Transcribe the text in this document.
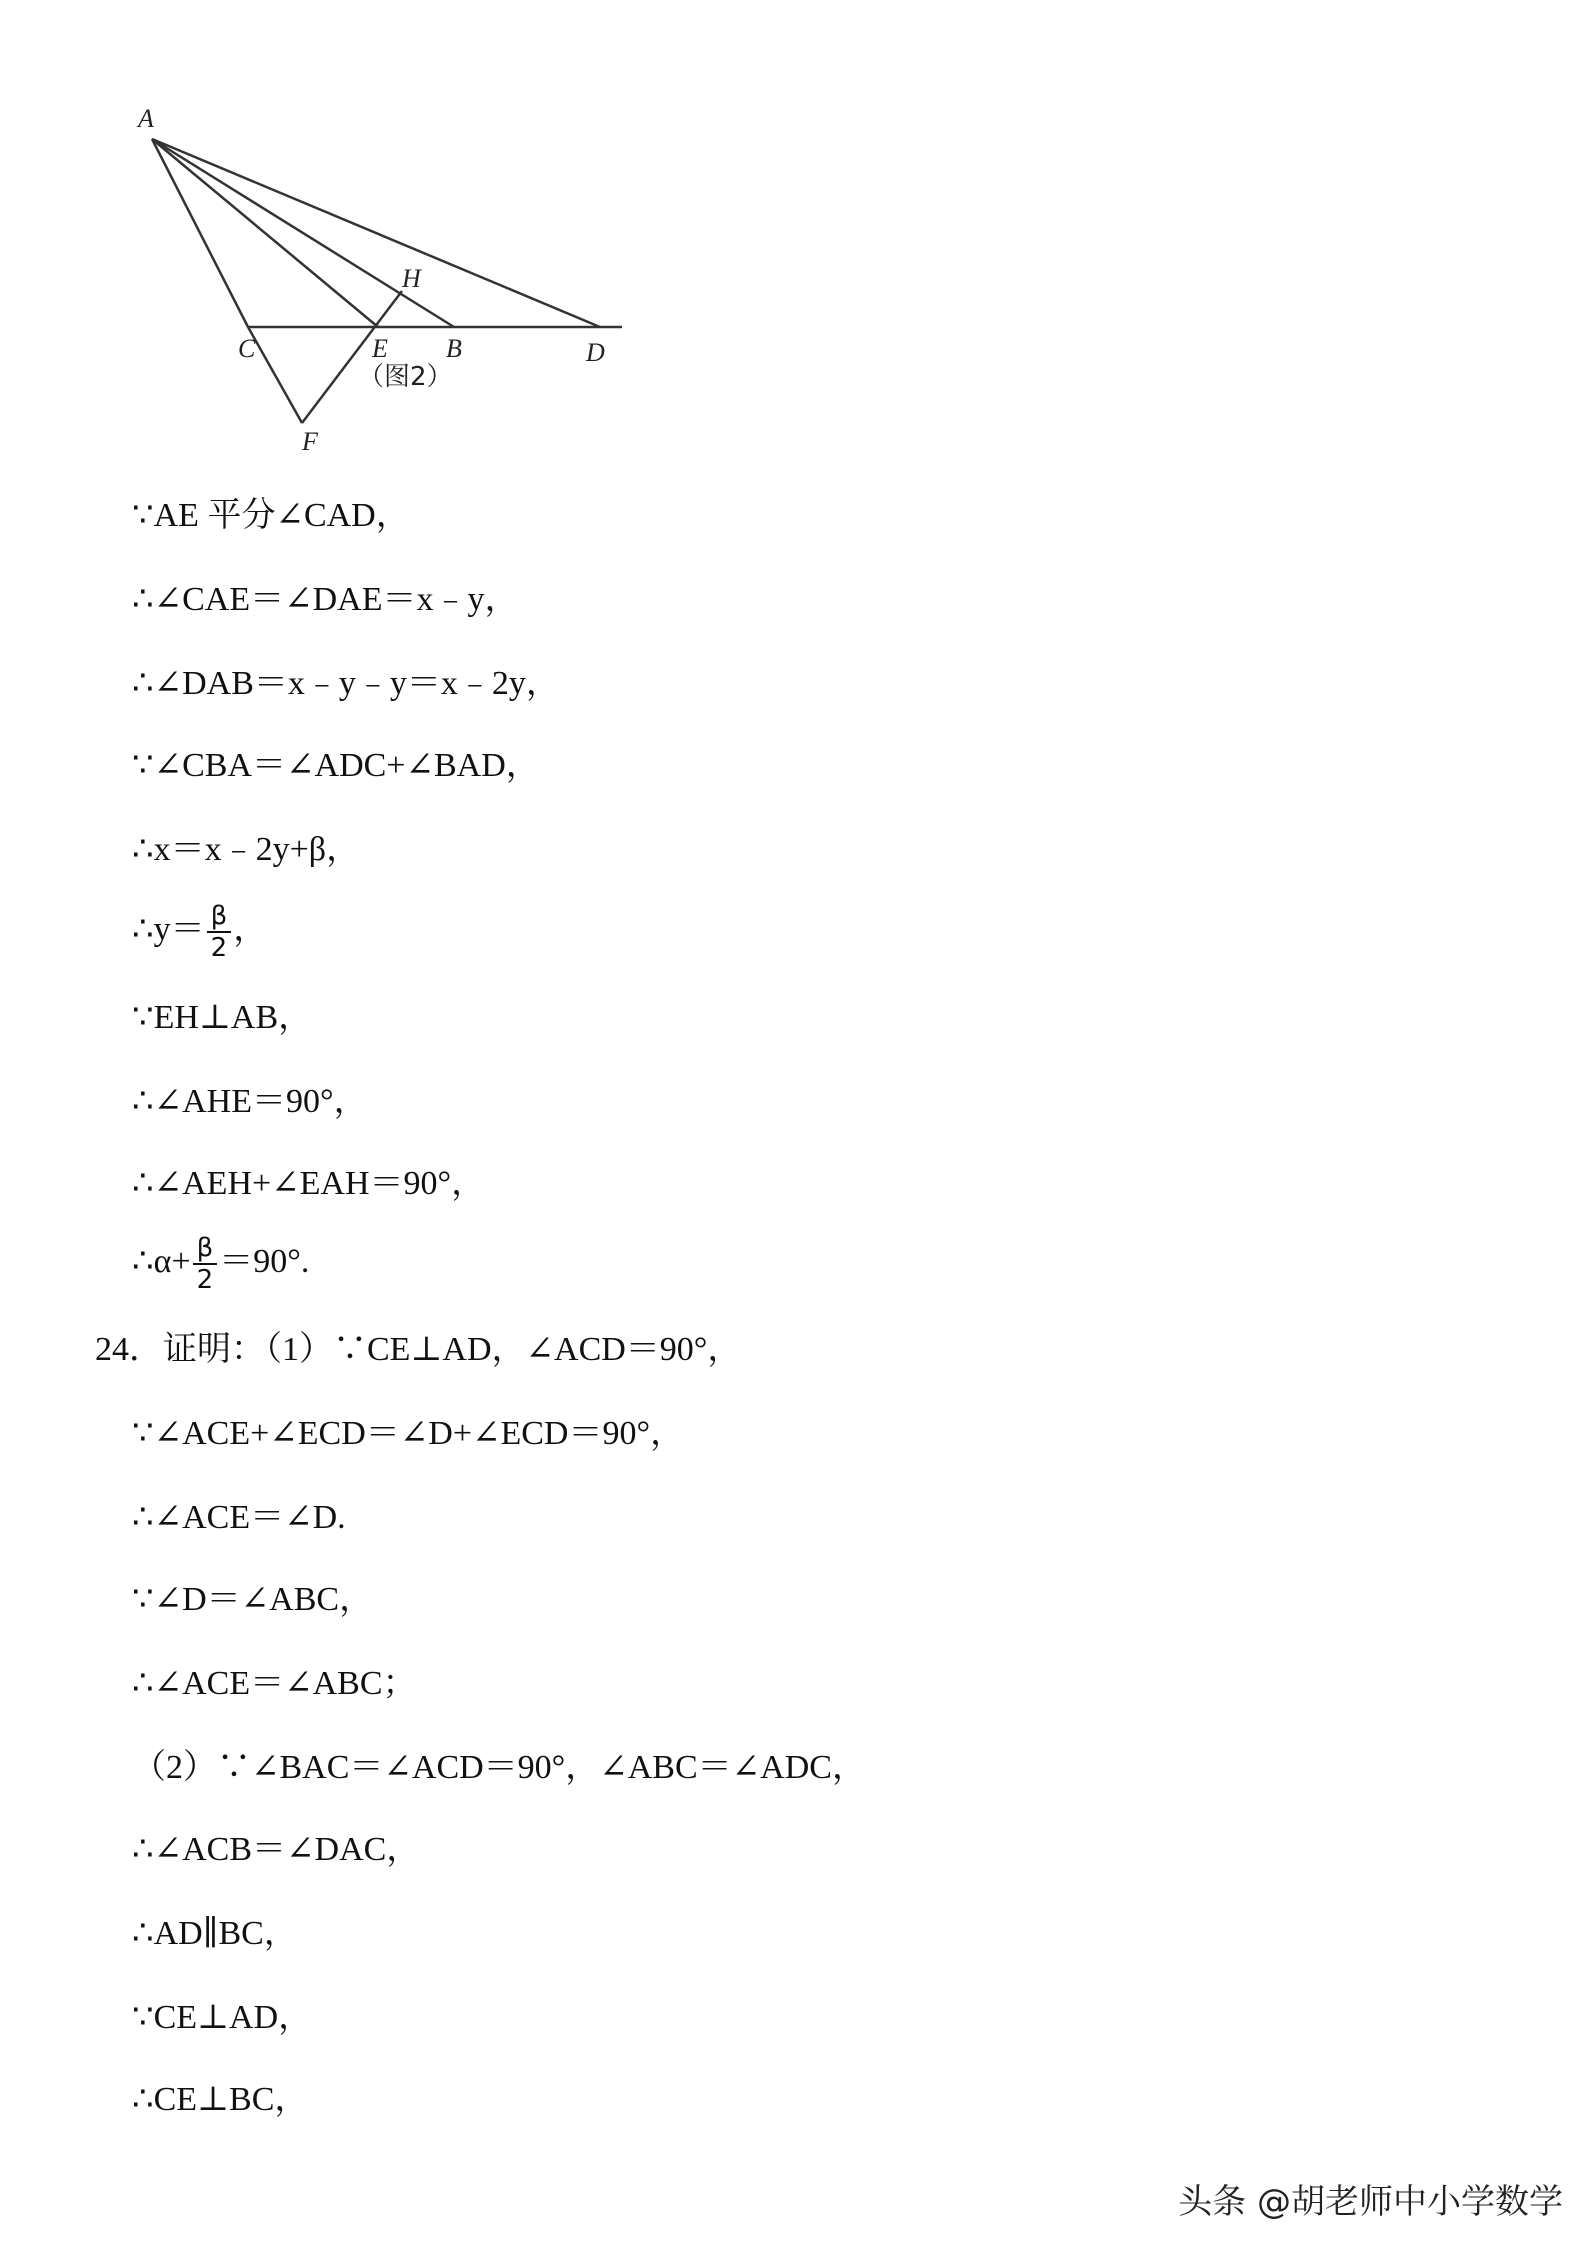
A
C	E B	D
H
F
（图2）
∵AE 平分∠CAD，
∴∠CAE＝∠DAE＝x﹣y，
∴∠DAB＝x﹣y﹣y＝x﹣2y，
∵∠CBA＝∠ADC+∠BAD，
∴x＝x﹣2y+β，
∴y＝ $\frac{\beta}{2}$ ，
∵EH⊥AB，
∴∠AHE＝90°，
∴∠AEH+∠EAH＝90°，
∴α+ $\frac{\beta}{2} =90^\circ$.
24．证明：（1）∵CE⊥AD，∠ACD＝90°，
∵∠ACE+∠ECD＝∠D+∠ECD＝90°，
∴∠ACE＝∠D.
∵∠D＝∠ABC，
∴∠ACE＝∠ABC；
（2）∵∠BAC＝∠ACD＝90°，∠ABC＝∠ADC，
∴∠ACB＝∠DAC，
∴AD∥BC，
∵CE⊥AD，
∴CE⊥BC，
头条 @胡老师中小学数学
